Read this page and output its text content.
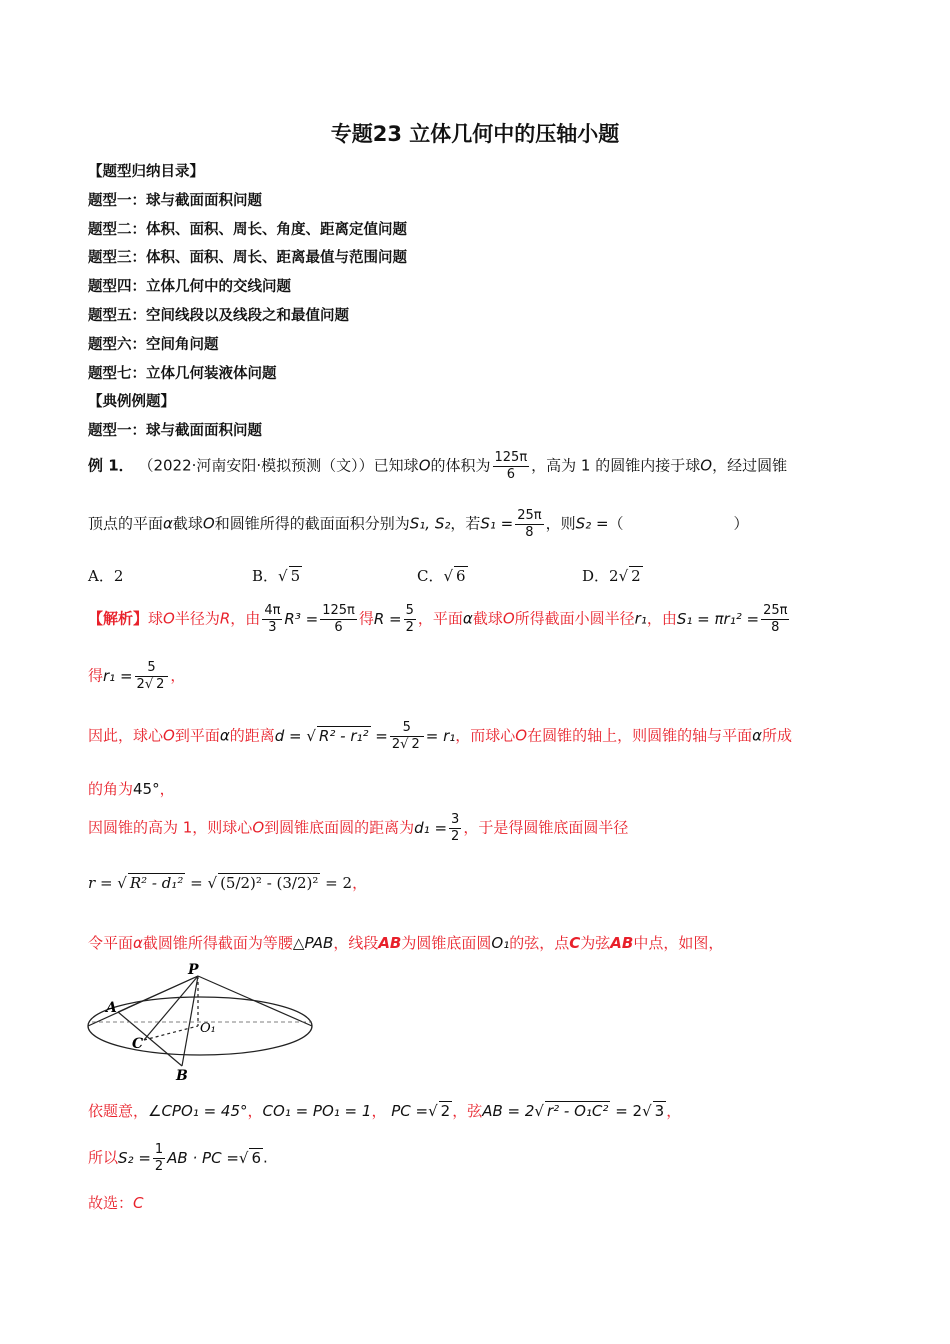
专题23 立体几何中的压轴小题
【题型归纳目录】
题型一：球与截面面积问题
题型二：体积、面积、周长、角度、距离定值问题
题型三：体积、面积、周长、距离最值与范围问题
题型四：立体几何中的交线问题
题型五：空间线段以及线段之和最值问题
题型六：空间角问题
题型七：立体几何装液体问题
【典例例题】
题型一：球与截面面积问题
例 1． （2022·河南安阳·模拟预测（文））已知球O的体积为 $\frac{125\pi}{6}$ ，高为 1 的圆锥内接于球O，经过圆锥
顶点的平面α截球O和圆锥所得的截面面积分别为S₁, S₂，若$S_1 = \frac{25\pi}{8}$ ，则S₂ =（	）
A．2	B．√ 5	C．√ 6	D．2√ 2
【解析】球O半径为R，由 $\frac{4\pi}{3} R^3 = \frac{125\pi}{6}$ 得$R = \frac{5}{2}$ ，平面α截球O所得截面小圆半径r₁，由$S_1 = \pi r_1^2 = \frac{25\pi}{8}$
得$r_1 = \frac{5}{2√ 2}$ ，
因此，球心O到平面α的距离d = √ $R^2 - r_1^2 = \frac{5}{2√ 2} = r_1$，而球心O在圆锥的轴上，则圆锥的轴与平面α所成
的角为45°，
因圆锥的高为 1，则球心O到圆锥底面圆的距离为$d_1 = \frac{3}{2}$ ，于是得圆锥底面圆半径
r = √ R² - d₁² = √ (5/2)² - (3/2)² = 2，
令平面α截圆锥所得截面为等腰△PAB，线段AB为圆锥底面圆O₁的弦，点C为弦AB中点，如图，
P
A
O₁
C
B
依题意，∠CPO₁ = 45°，CO₁ = PO₁ = 1， PC =√ 2 ，弦AB = 2√ r² - O₁C² = 2√ 3 ，
所以$S_2 = \frac{1}{2}$ AB · PC =√ 6 .
故选：C
